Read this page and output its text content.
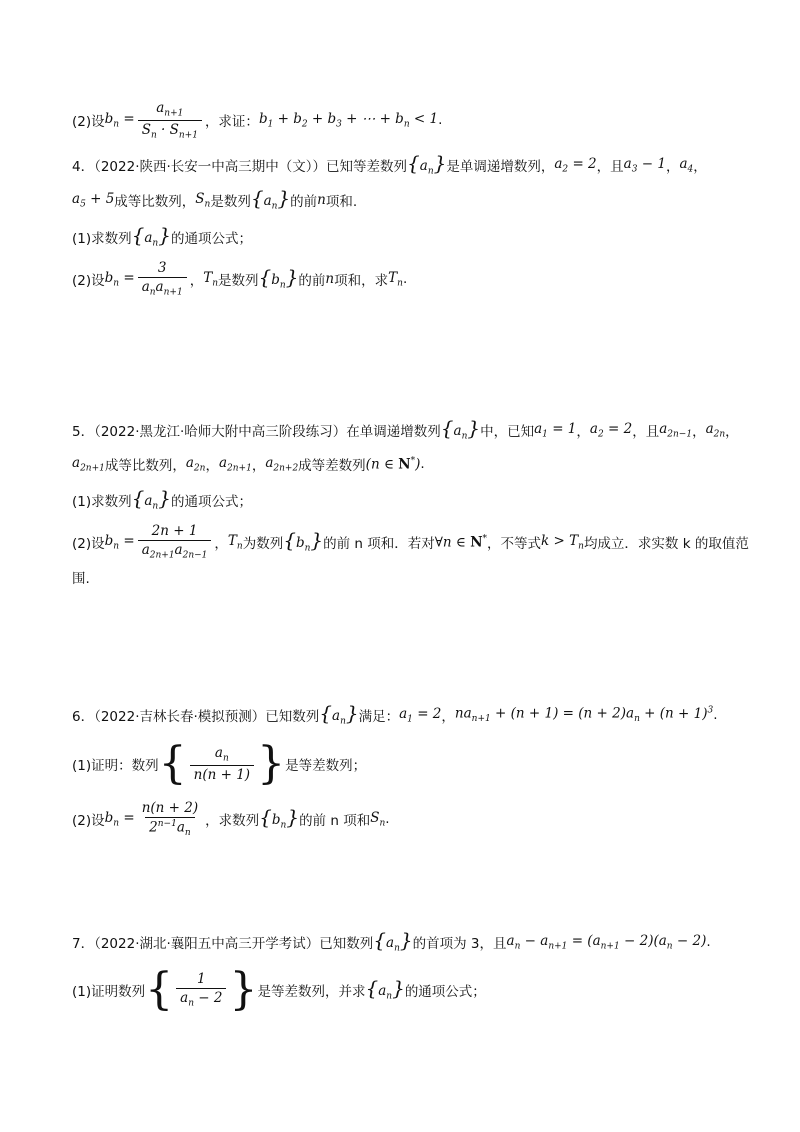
(2)设 $b_n = \frac{a_{n+1}}{S_n \cdot S_{n+1}}$ ，求证： $b_1 + b_2 + b_3$ + ⋯ + $b_n < 1$ .
4．（2022·陕西·长安一中高三期中（文））已知等差数列 $\{a_n\}$ 是单调递增数列， $a_2 = 2$ ，且 $a_3 - 1$ ， $a_4$ ，
$a_5 + 5$ 成等比数列， $S_n$ 是数列 $\{a_n\}$ 的前 n 项和.
(1)求数列 $\{a_n\}$ 的通项公式；
(2)设 $b_n = \frac{3}{a_na_{n+1}}$ ， $T_n$ 是数列 $\{b_n\}$ 的前 n 项和，求 $T_n$ .
5．（2022·黑龙江·哈师大附中高三阶段练习）在单调递增数列 $\{a_n\}$ 中，已知 $a_1 = 1$ ， $a_2 = 2$ ，且 $a_{2n-1}$ ， $a_{2n}$ ，
$a_{2n+1}$ 成等比数列， $a_{2n}$ ， $a_{2n+1}$ ， $a_{2n+2}$ 成等差数列 (n ∈ N*) .
(1)求数列 $\{a_n\}$ 的通项公式；
(2)设 $b_n = \frac{2n + 1}{a_{2n+1}a_{2n-1}}$ ， $T_n$ 为数列 $\{b_n\}$ 的前 n 项和．若对 ∀n ∈ N* ，不等式 $k > T_n$ 均成立．求实数 k 的取值范
围.
6．（2022·吉林长春·模拟预测）已知数列 $\{a_n\}$ 满足： $a_1 = 2$ ， $na_{n+1} + (n + 1) = (n + 2)a_n + (n + 1)^3$ .
(1)证明：数列 { $\frac{a_n}{n(n + 1)}$ } 是等差数列；
(2)设 $b_n = \frac{n(n + 2)}{2^{n-1}a_n}$ ，求数列 $\{b_n\}$ 的前 n 项和 $S_n$ .
7．（2022·湖北·襄阳五中高三开学考试）已知数列 $\{a_n\}$ 的首项为 3，且 $a_n - a_{n+1} = (a_{n+1} - 2)(a_n - 2)$ .
(1)证明数列 { $\frac{1}{a_n - 2}$ } 是等差数列，并求 $\{a_n\}$ 的通项公式；
